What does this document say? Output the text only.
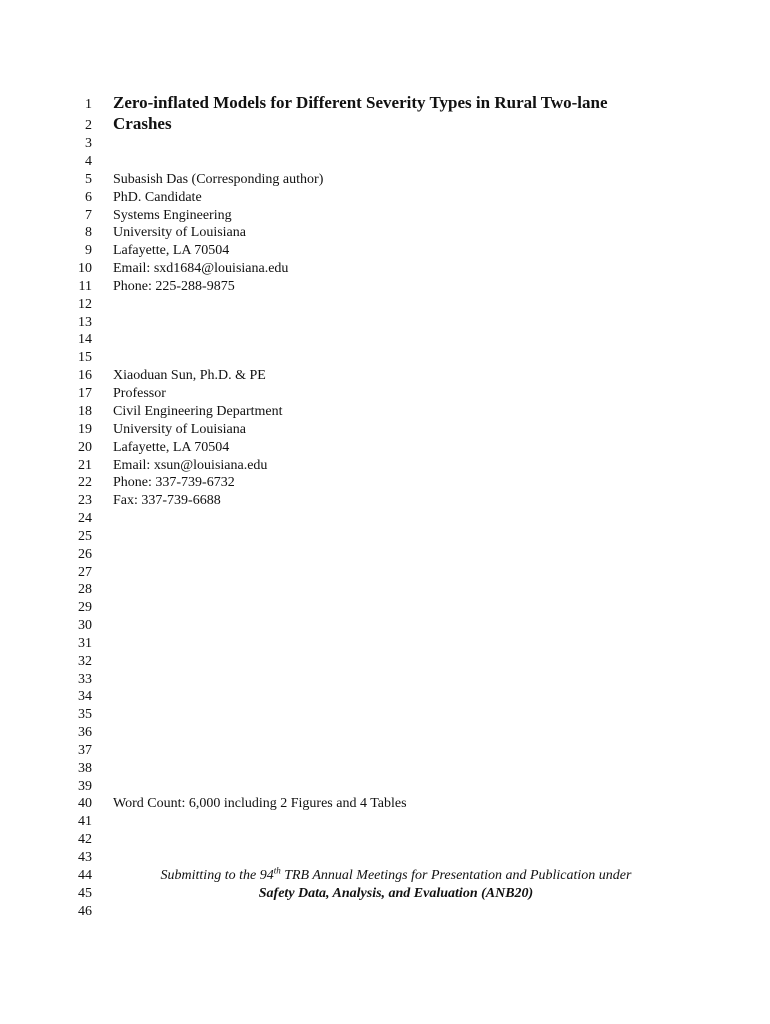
1 Zero-inflated Models for Different Severity Types in Rural Two-lane
2 Crashes
3
4
5 Subasish Das (Corresponding author)
6 PhD. Candidate
7 Systems Engineering
8 University of Louisiana
9 Lafayette, LA 70504
10 Email: sxd1684@louisiana.edu
11 Phone: 225-288-9875
12
13
14
15
16 Xiaoduan Sun, Ph.D. & PE
17 Professor
18 Civil Engineering Department
19 University of Louisiana
20 Lafayette, LA 70504
21 Email: xsun@louisiana.edu
22 Phone: 337-739-6732
23 Fax: 337-739-6688
24
25
26
27
28
29
30
31
32
33
34
35
36
37
38
39
40 Word Count: 6,000 including 2 Figures and 4 Tables
41
42
43
44	Submitting to the 94th TRB Annual Meetings for Presentation and Publication under
45	Safety Data, Analysis, and Evaluation (ANB20)
46
